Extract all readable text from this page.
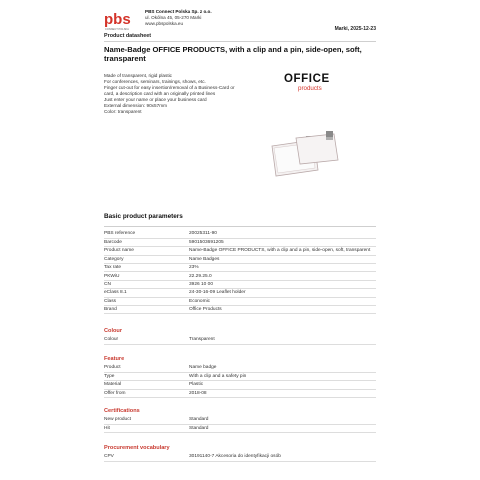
pbs
CONNECT POLSKA
PBS Connect Polska Sp. z o.o.
ul. Okólna 45, 05-270 Marki
www.pbspolska.eu
Marki, 2025-12-23
Product datasheet
Name-Badge OFFICE PRODUCTS, with a clip and a pin, side-open, soft, transparent
Made of transparent, rigid plastic
For conferences, seminars, trainings, shows, etc.
Finger cut-out for easy insertion/removal of a Business-Card or
card, a description card with an originally printed lines
Just enter your name or place your business card
External dimension: 90x57mm
Color: transparent
OFFICE
products
Basic product parameters
PBS reference	20025311-90
Barcode	5901503691205
Product name	Name-Badge OFFICE PRODUCTS, with a clip and a pin, side-open, soft, transparent
Category	Name Badges
Tax rate	23%
PKWiU	22.29.25.0
CN	3926 10 00
eClass 8.1	24-30-16-09 Leaflet holder
Class	Economic
Brand	Office Products
Colour
Colour	Transparent
Feature
Product	Name badge
Type	With a clip and a safety pin
Material	Plastic
Offer from	2018-08
Certifications
New product	Standard
Hit	Standard
Procurement vocabulary
CPV	30191140-7 Akcesoria do identyfikacji osób
